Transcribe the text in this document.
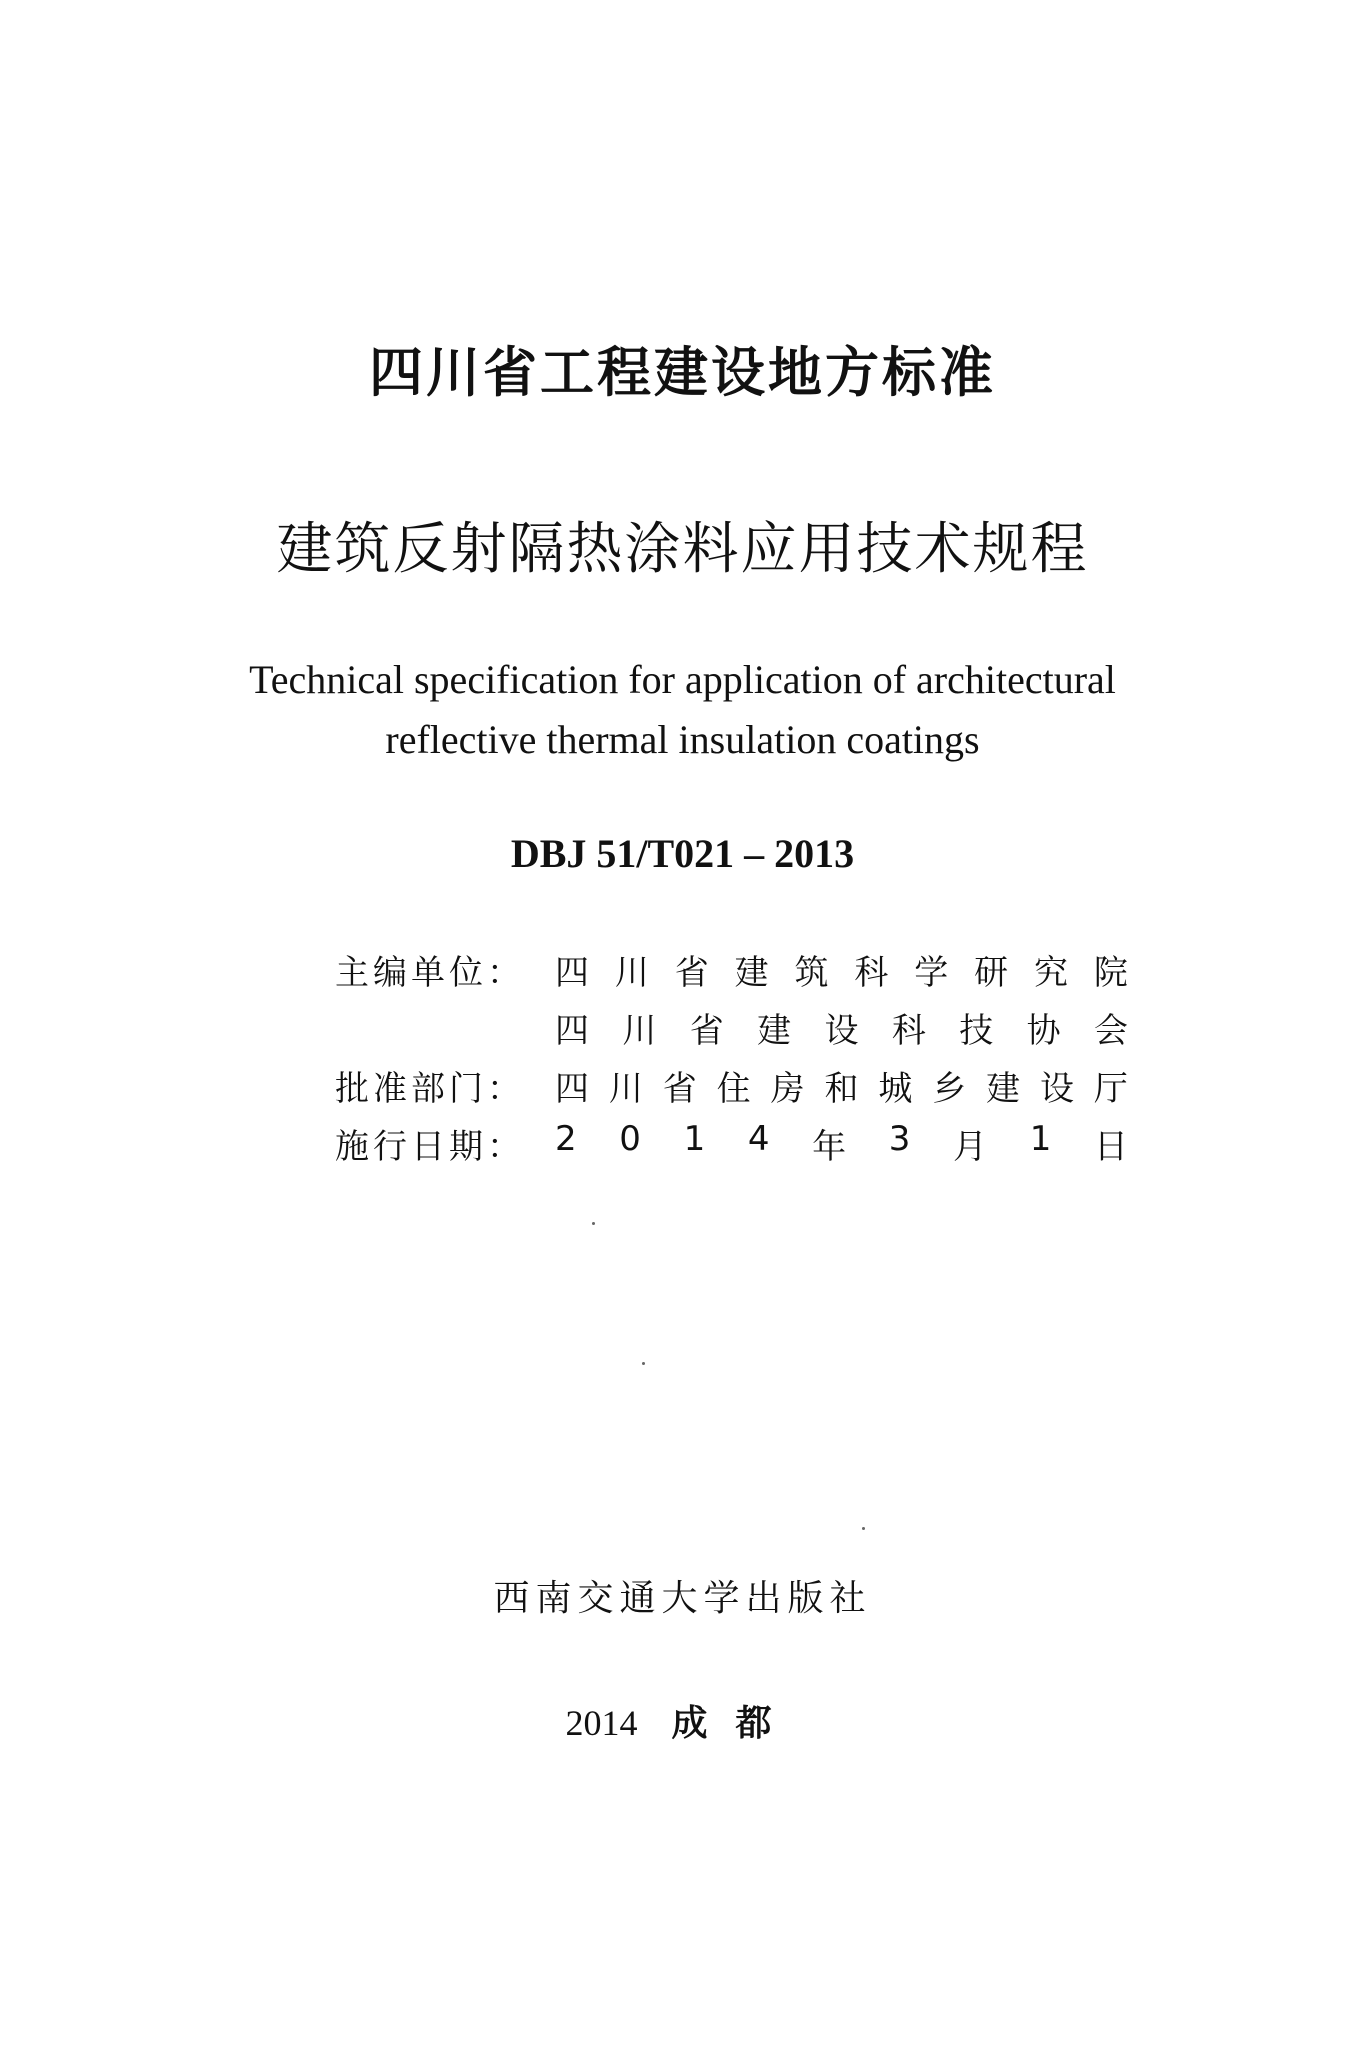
四川省工程建设地方标准
建筑反射隔热涂料应用技术规程
Technical specification for application of architectural
reflective thermal insulation coatings
DBJ 51/T021 – 2013
主编单位： 四 川 省 建 筑 科 学 研 究 院
四 川 省 建 设 科 技 协 会
批准部门： 四 川 省 住 房 和 城 乡 建 设 厅
施行日期： 2 0 1 4 年 3 月 1 日
西南交通大学出版社
2014 成都
